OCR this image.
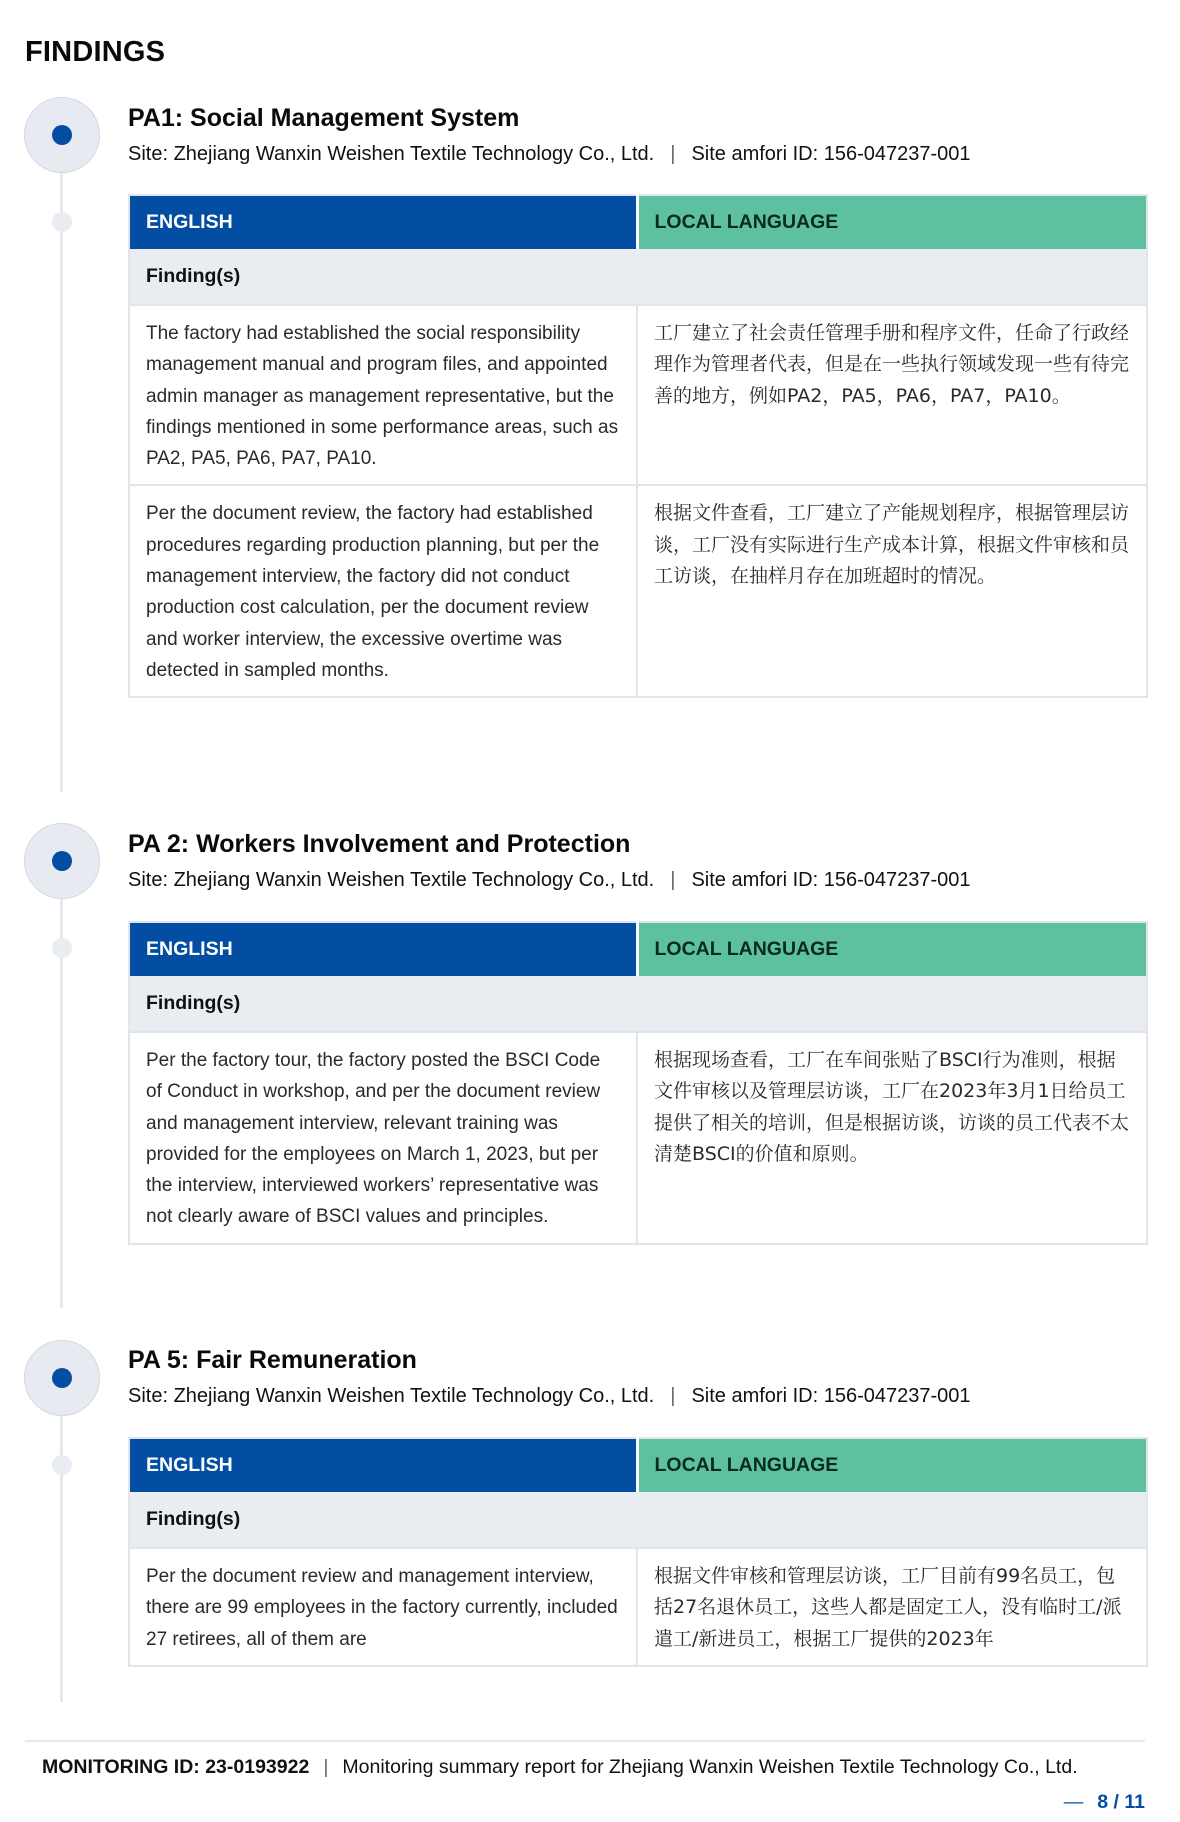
FINDINGS
PA1: Social Management System
Site: Zhejiang Wanxin Weishen Textile Technology Co., Ltd. | Site amfori ID: 156-047237-001
ENGLISH	LOCAL LANGUAGE
Finding(s)	
The factory had established the social responsibility management manual and program files, and appointed admin manager as management representative, but the findings mentioned in some performance areas, such as PA2, PA5, PA6, PA7, PA10.	工厂建立了社会责任管理手册和程序文件，任命了行政经理作为管理者代表，但是在一些执行领域发现一些有待完善的地方，例如PA2，PA5，PA6，PA7，PA10。
Per the document review, the factory had established procedures regarding production planning, but per the management interview, the factory did not conduct production cost calculation, per the document review and worker interview, the excessive overtime was detected in sampled months.	根据文件查看，工厂建立了产能规划程序，根据管理层访谈，工厂没有实际进行生产成本计算，根据文件审核和员工访谈，在抽样月存在加班超时的情况。
PA 2: Workers Involvement and Protection
Site: Zhejiang Wanxin Weishen Textile Technology Co., Ltd. | Site amfori ID: 156-047237-001
ENGLISH	LOCAL LANGUAGE
Finding(s)	
Per the factory tour, the factory posted the BSCI Code of Conduct in workshop, and per the document review and management interview, relevant training was provided for the employees on March 1, 2023, but per the interview, interviewed workers’ representative was not clearly aware of BSCI values and principles.	根据现场查看，工厂在车间张贴了BSCI行为准则，根据文件审核以及管理层访谈，工厂在2023年3月1日给员工提供了相关的培训，但是根据访谈，访谈的员工代表不太清楚BSCI的价值和原则。
PA 5: Fair Remuneration
Site: Zhejiang Wanxin Weishen Textile Technology Co., Ltd. | Site amfori ID: 156-047237-001
ENGLISH	LOCAL LANGUAGE
Finding(s)	
Per the document review and management interview, there are 99 employees in the factory currently, included 27 retirees, all of them are	根据文件审核和管理层访谈，工厂目前有99名员工，包括27名退休员工，这些人都是固定工人，没有临时工/派遣工/新进员工，根据工厂提供的2023年
MONITORING ID: 23-0193922 | Monitoring summary report for Zhejiang Wanxin Weishen Textile Technology Co., Ltd.
— 8 / 11
